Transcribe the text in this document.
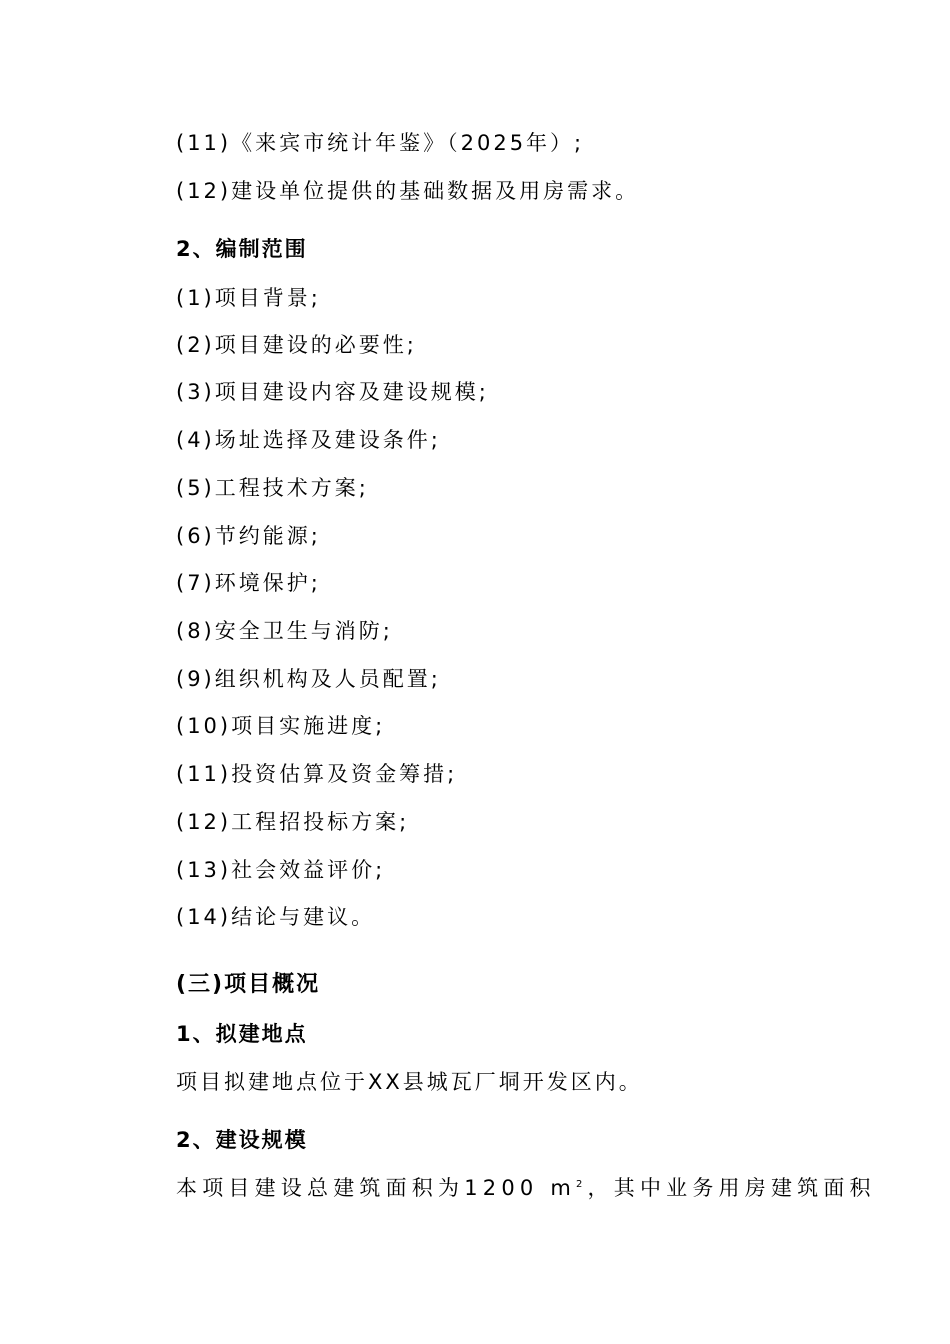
(11)《来宾市统计年鉴》（2025年）;
(12)建设单位提供的基础数据及用房需求。
2、编制范围
(1)项目背景;
(2)项目建设的必要性;
(3)项目建设内容及建设规模;
(4)场址选择及建设条件;
(5)工程技术方案;
(6)节约能源;
(7)环境保护;
(8)安全卫生与消防;
(9)组织机构及人员配置;
(10)项目实施进度;
(11)投资估算及资金筹措;
(12)工程招投标方案;
(13)社会效益评价;
(14)结论与建议。
(三)项目概况
1、拟建地点
项目拟建地点位于XX县城瓦厂垌开发区内。
2、建设规模
本项目建设总建筑面积为1200 $m^2$，其中业务用房建筑面积
